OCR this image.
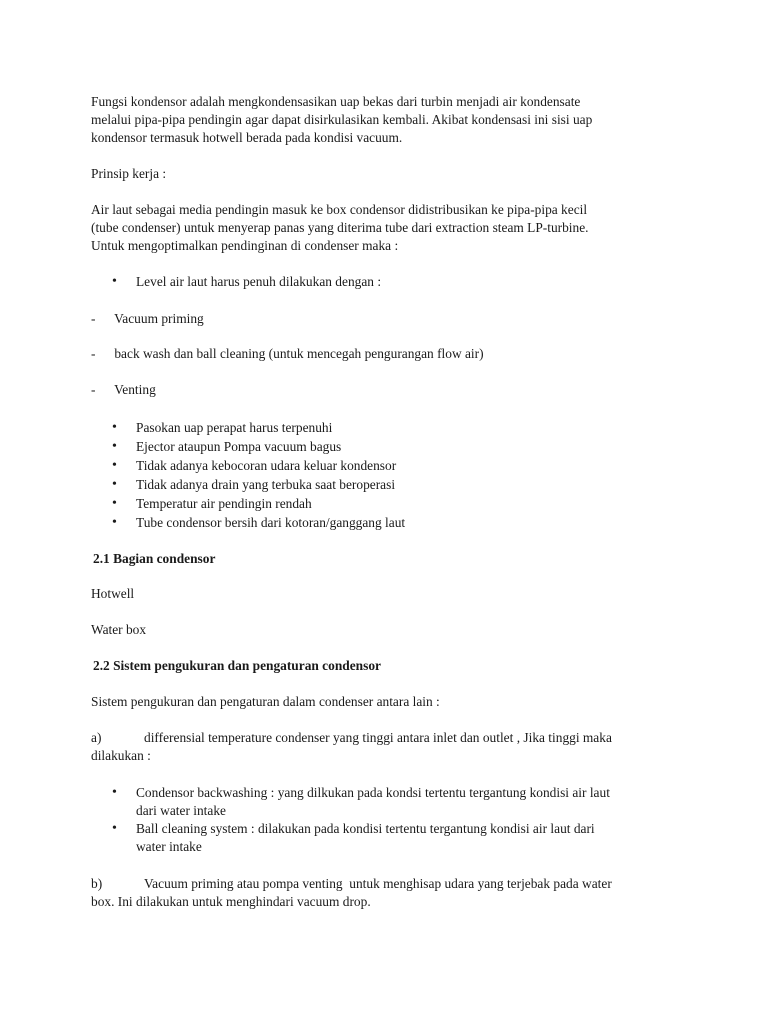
Fungsi kondensor adalah mengkondensasikan uap bekas dari turbin menjadi air kondensate
melalui pipa-pipa pendingin agar dapat disirkulasikan kembali. Akibat kondensasi ini sisi uap
kondensor termasuk hotwell berada pada kondisi vacuum.

Prinsip kerja :

Air laut sebagai media pendingin masuk ke box condensor didistribusikan ke pipa-pipa kecil
(tube condenser) untuk menyerap panas yang diterima tube dari extraction steam LP-turbine.
Untuk mengoptimalkan pendinginan di condenser maka :

• Level air laut harus penuh dilakukan dengan :
- Vacuum priming
- back wash dan ball cleaning (untuk mencegah pengurangan flow air)
- Venting
• Pasokan uap perapat harus terpenuhi
• Ejector ataupun Pompa vacuum bagus
• Tidak adanya kebocoran udara keluar kondensor
• Tidak adanya drain yang terbuka saat beroperasi
• Temperatur air pendingin rendah
• Tube condensor bersih dari kotoran/ganggang laut

2.1 Bagian condensor

Hotwell

Water box

2.2 Sistem pengukuran dan pengaturan condensor

Sistem pengukuran dan pengaturan dalam condenser antara lain :

a)	differensial temperature condenser yang tinggi antara inlet dan outlet , Jika tinggi maka
dilakukan :
• Condensor backwashing : yang dilkukan pada kondsi tertentu tergantung kondisi air laut
dari water intake
• Ball cleaning system : dilakukan pada kondisi tertentu tergantung kondisi air laut dari
water intake
b)	Vacuum priming atau pompa venting  untuk menghisap udara yang terjebak pada water
box. Ini dilakukan untuk menghindari vacuum drop.
